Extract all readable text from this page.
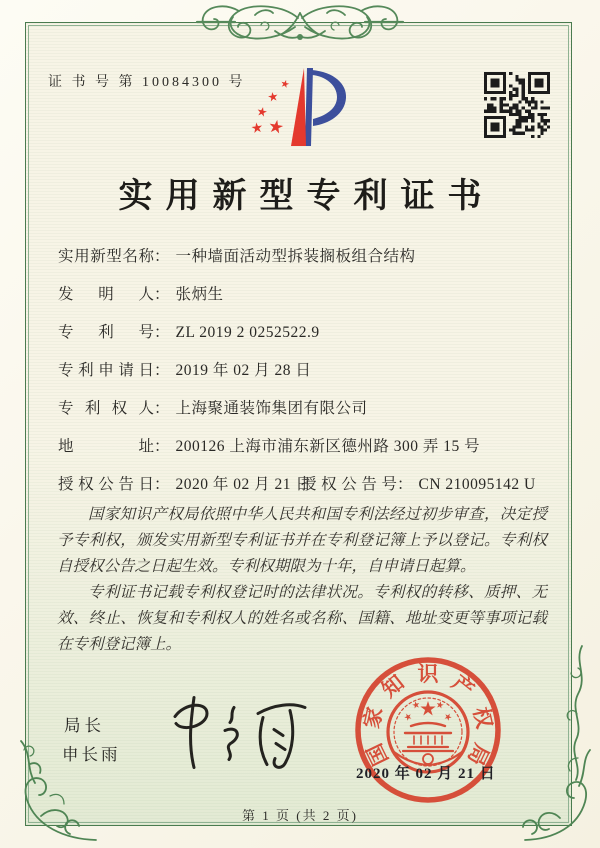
证 书 号 第 10084300 号
实用新型专利证书
实用新型名称： 一种墙面活动型拆装搁板组合结构
发明人： 张炳生
专利号： ZL 2019 2 0252522.9
专利申请日： 2019 年 02 月 28 日
专利权人： 上海聚通装饰集团有限公司
地址： 200126 上海市浦东新区德州路 300 弄 15 号
授权公告日： 2020 年 02 月 21 日
授权公告号： CN 210095142 U

国家知识产权局依照中华人民共和国专利法经过初步审查，决定授予专利权，颁发实用新型专利证书并在专利登记簿上予以登记。专利权自授权公告之日起生效。专利权期限为十年，自申请日起算。

专利证书记载专利权登记时的法律状况。专利权的转移、质押、无效、终止、恢复和专利权人的姓名或名称、国籍、地址变更等事项记载在专利登记簿上。

局长
申长雨	国
家
知 识 产
权
局
2020 年 02 月 21 日
第 1 页 (共 2 页)
